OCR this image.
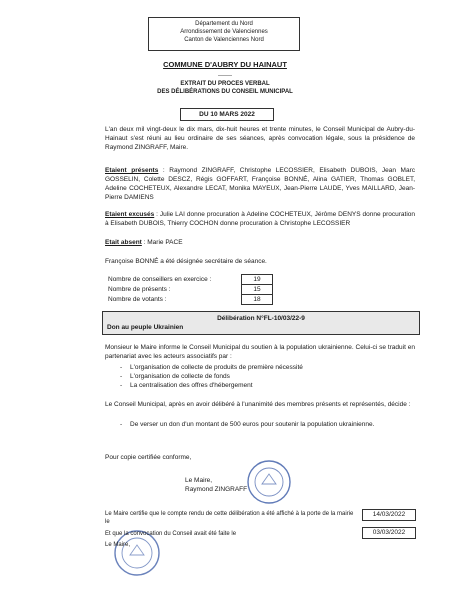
Département du Nord
Arrondissement de Valenciennes
Canton de Valenciennes Nord
COMMUNE D'AUBRY DU HAINAUT
-------
EXTRAIT DU PROCES VERBAL
DES DÉLIBÉRATIONS DU CONSEIL MUNICIPAL
DU 10 MARS 2022
L'an deux mil vingt-deux le dix mars, dix-huit heures et trente minutes, le Conseil Municipal de Aubry-du-Hainaut s'est réuni au lieu ordinaire de ses séances, après convocation légale, sous la présidence de Raymond ZINGRAFF, Maire.
Etaient présents : Raymond ZINGRAFF, Christophe LECOSSIER, Elisabeth DUBOIS, Jean Marc GOSSELIN, Colette DESCZ, Régis GOFFART, Françoise BONNÉ, Alina GATIER, Thomas GOBLET, Adeline COCHETEUX, Alexandre LECAT, Monika MAYEUX, Jean-Pierre LAUDE, Yves MAILLARD, Jean-Pierre DAMIENS
Etaient excusés : Julie LAI donne procuration à Adeline COCHETEUX, Jérôme DENYS donne procuration à Elisabeth DUBOIS, Thierry COCHON donne procuration à Christophe LECOSSIER
Etait absent : Marie PACE
Françoise BONNÉ a été désignée secrétaire de séance.
Nombre de conseillers en exercice :	19
Nombre de présents :	15
Nombre de votants :	18
Délibération N°FL-10/03/22-9
Don au peuple Ukrainien
Monsieur le Maire informe le Conseil Municipal du soutien à la population ukrainienne. Celui-ci se traduit en partenariat avec les acteurs associatifs par :
- L'organisation de collecte de produits de première nécessité
- L'organisation de collecte de fonds
- La centralisation des offres d'hébergement
Le Conseil Municipal, après en avoir délibéré à l'unanimité des membres présents et représentés, décide :
- De verser un don d'un montant de 500 euros pour soutenir la population ukrainienne.
Pour copie certifiée conforme,
Le Maire,
Raymond ZINGRAFF
Le Maire certifie que le compte rendu de cette délibération a été affiché à la porte de la mairie le
14/03/2022
Et que la convocation du Conseil avait été faite le	03/03/2022
Le Maire,
